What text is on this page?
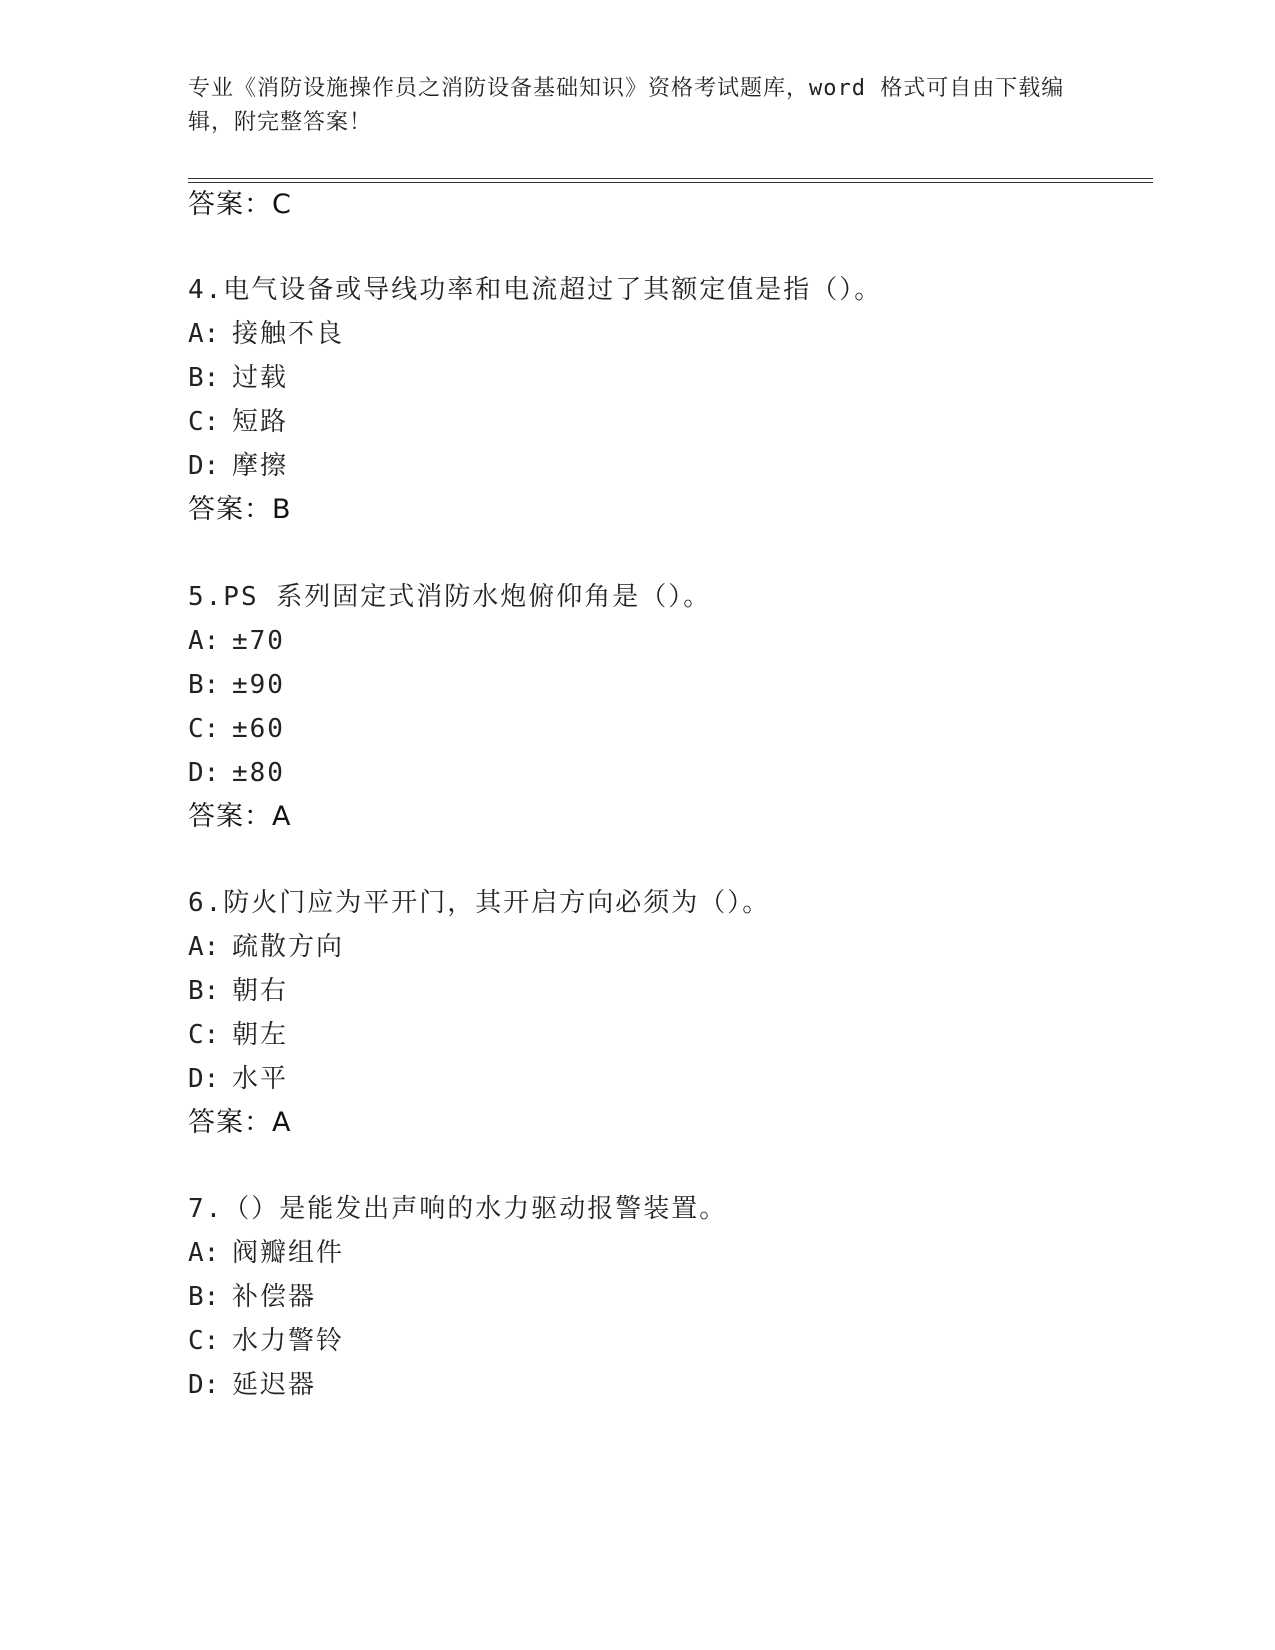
专业《消防设施操作员之消防设备基础知识》资格考试题库，word 格式可自由下载编辑，附完整答案！
答案：C
4.电气设备或导线功率和电流超过了其额定值是指（）。
A: 接触不良
B: 过载
C: 短路
D: 摩擦
答案：B
5.PS 系列固定式消防水炮俯仰角是（）。
A: ±70
B: ±90
C: ±60
D: ±80
答案：A
6.防火门应为平开门，其开启方向必须为（）。
A: 疏散方向
B: 朝右
C: 朝左
D: 水平
答案：A
7.（）是能发出声响的水力驱动报警装置。
A: 阀瓣组件
B: 补偿器
C: 水力警铃
D: 延迟器
